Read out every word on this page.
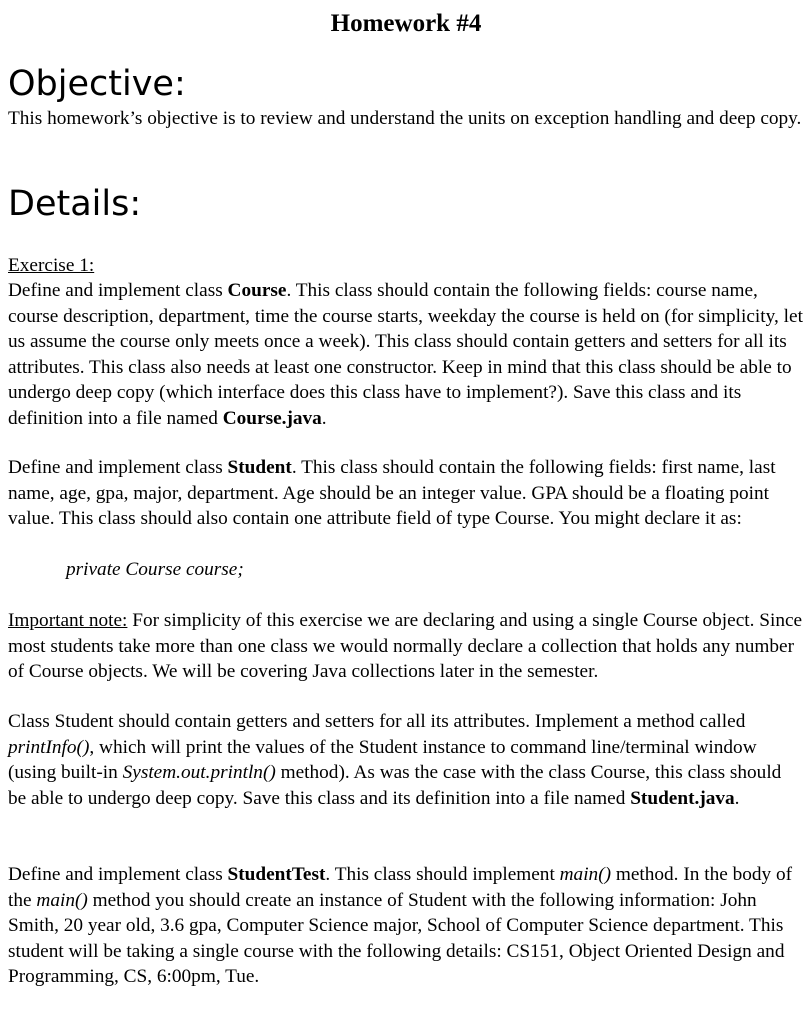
Homework #4
Objective:

This homework’s objective is to review and understand the units on exception handling and deep copy.

Details:

Exercise 1:

Define and implement class Course. This class should contain the following fields: course name, course description, department, time the course starts, weekday the course is held on (for simplicity, let us assume the course only meets once a week). This class should contain getters and setters for all its attributes. This class also needs at least one constructor. Keep in mind that this class should be able to undergo deep copy (which interface does this class have to implement?). Save this class and its definition into a file named Course.java.

Define and implement class Student. This class should contain the following fields: first name, last name, age, gpa, major, department. Age should be an integer value. GPA should be a floating point value. This class should also contain one attribute field of type Course. You might declare it as:

private Course course;

Important note: For simplicity of this exercise we are declaring and using a single Course object. Since most students take more than one class we would normally declare a collection that holds any number of Course objects. We will be covering Java collections later in the semester.

Class Student should contain getters and setters for all its attributes. Implement a method called printInfo(), which will print the values of the Student instance to command line/terminal window (using built-in System.out.println() method). As was the case with the class Course, this class should be able to undergo deep copy. Save this class and its definition into a file named Student.java.

Define and implement class StudentTest. This class should implement main() method. In the body of the main() method you should create an instance of Student with the following information: John Smith, 20 year old, 3.6 gpa, Computer Science major, School of Computer Science department. This student will be taking a single course with the following details: CS151, Object Oriented Design and Programming, CS, 6:00pm, Tue.
